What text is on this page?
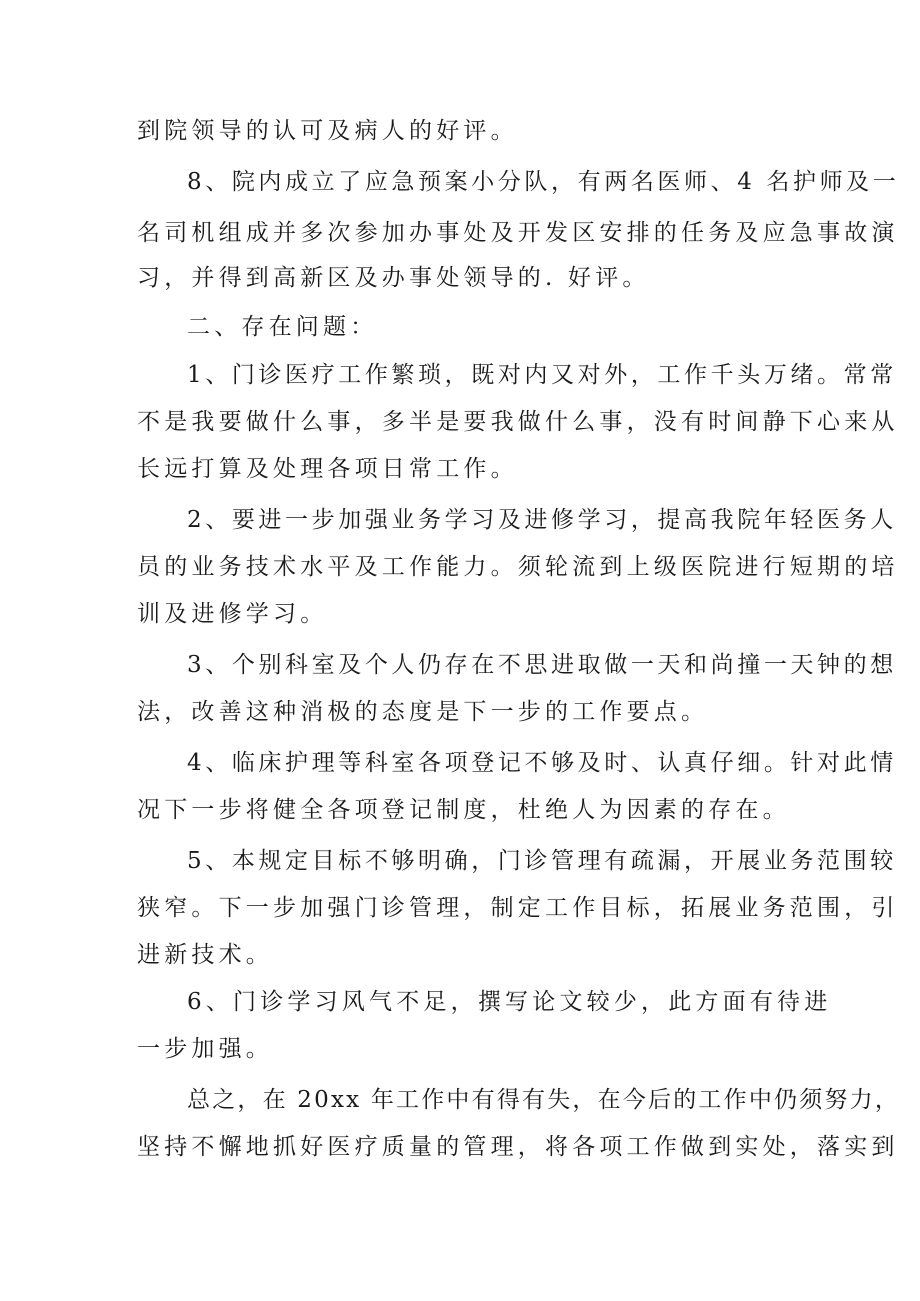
到院领导的认可及病人的好评。

8、院内成立了应急预案小分队，有两名医师、4 名护师及一

名司机组成并多次参加办事处及开发区安排的任务及应急事故演

习，并得到高新区及办事处领导的. 好评。

二、存在问题：

1、门诊医疗工作繁琐，既对内又对外，工作千头万绪。常常

不是我要做什么事，多半是要我做什么事，没有时间静下心来从

长远打算及处理各项日常工作。

2、要进一步加强业务学习及进修学习，提高我院年轻医务人

员的业务技术水平及工作能力。须轮流到上级医院进行短期的培

训及进修学习。

3、个别科室及个人仍存在不思进取做一天和尚撞一天钟的想

法，改善这种消极的态度是下一步的工作要点。

4、临床护理等科室各项登记不够及时、认真仔细。针对此情

况下一步将健全各项登记制度，杜绝人为因素的存在。

5、本规定目标不够明确，门诊管理有疏漏，开展业务范围较

狭窄。下一步加强门诊管理，制定工作目标，拓展业务范围，引

进新技术。

6、门诊学习风气不足，撰写论文较少，此方面有待进

一步加强。

总之，在 20xx 年工作中有得有失，在今后的工作中仍须努力，

坚持不懈地抓好医疗质量的管理，将各项工作做到实处，落实到
